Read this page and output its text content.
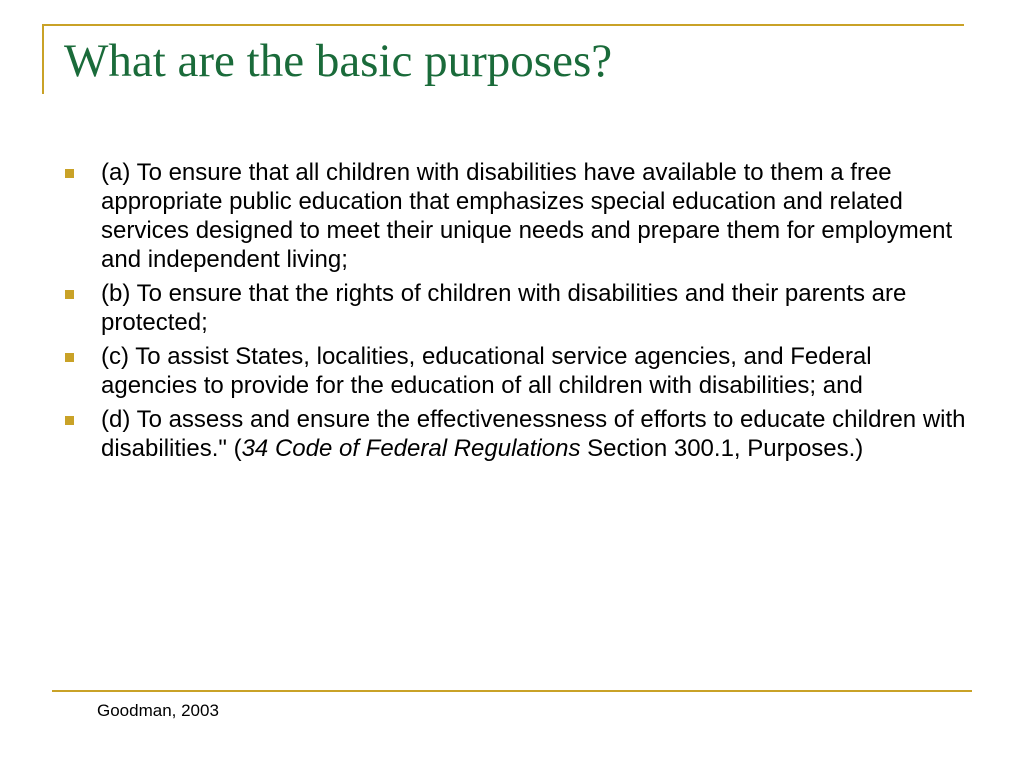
What are the basic purposes?
(a) To ensure that all children with disabilities have available to them a free appropriate public education that emphasizes special education and related services designed to meet their unique needs and prepare them for employment and independent living;
(b) To ensure that the rights of children with disabilities and their parents are protected;
(c) To assist States, localities, educational service agencies, and Federal agencies to provide for the education of all children with disabilities; and
(d) To assess and ensure the effectivenessness of efforts to educate children with disabilities." (34 Code of Federal Regulations Section 300.1, Purposes.)
Goodman, 2003
